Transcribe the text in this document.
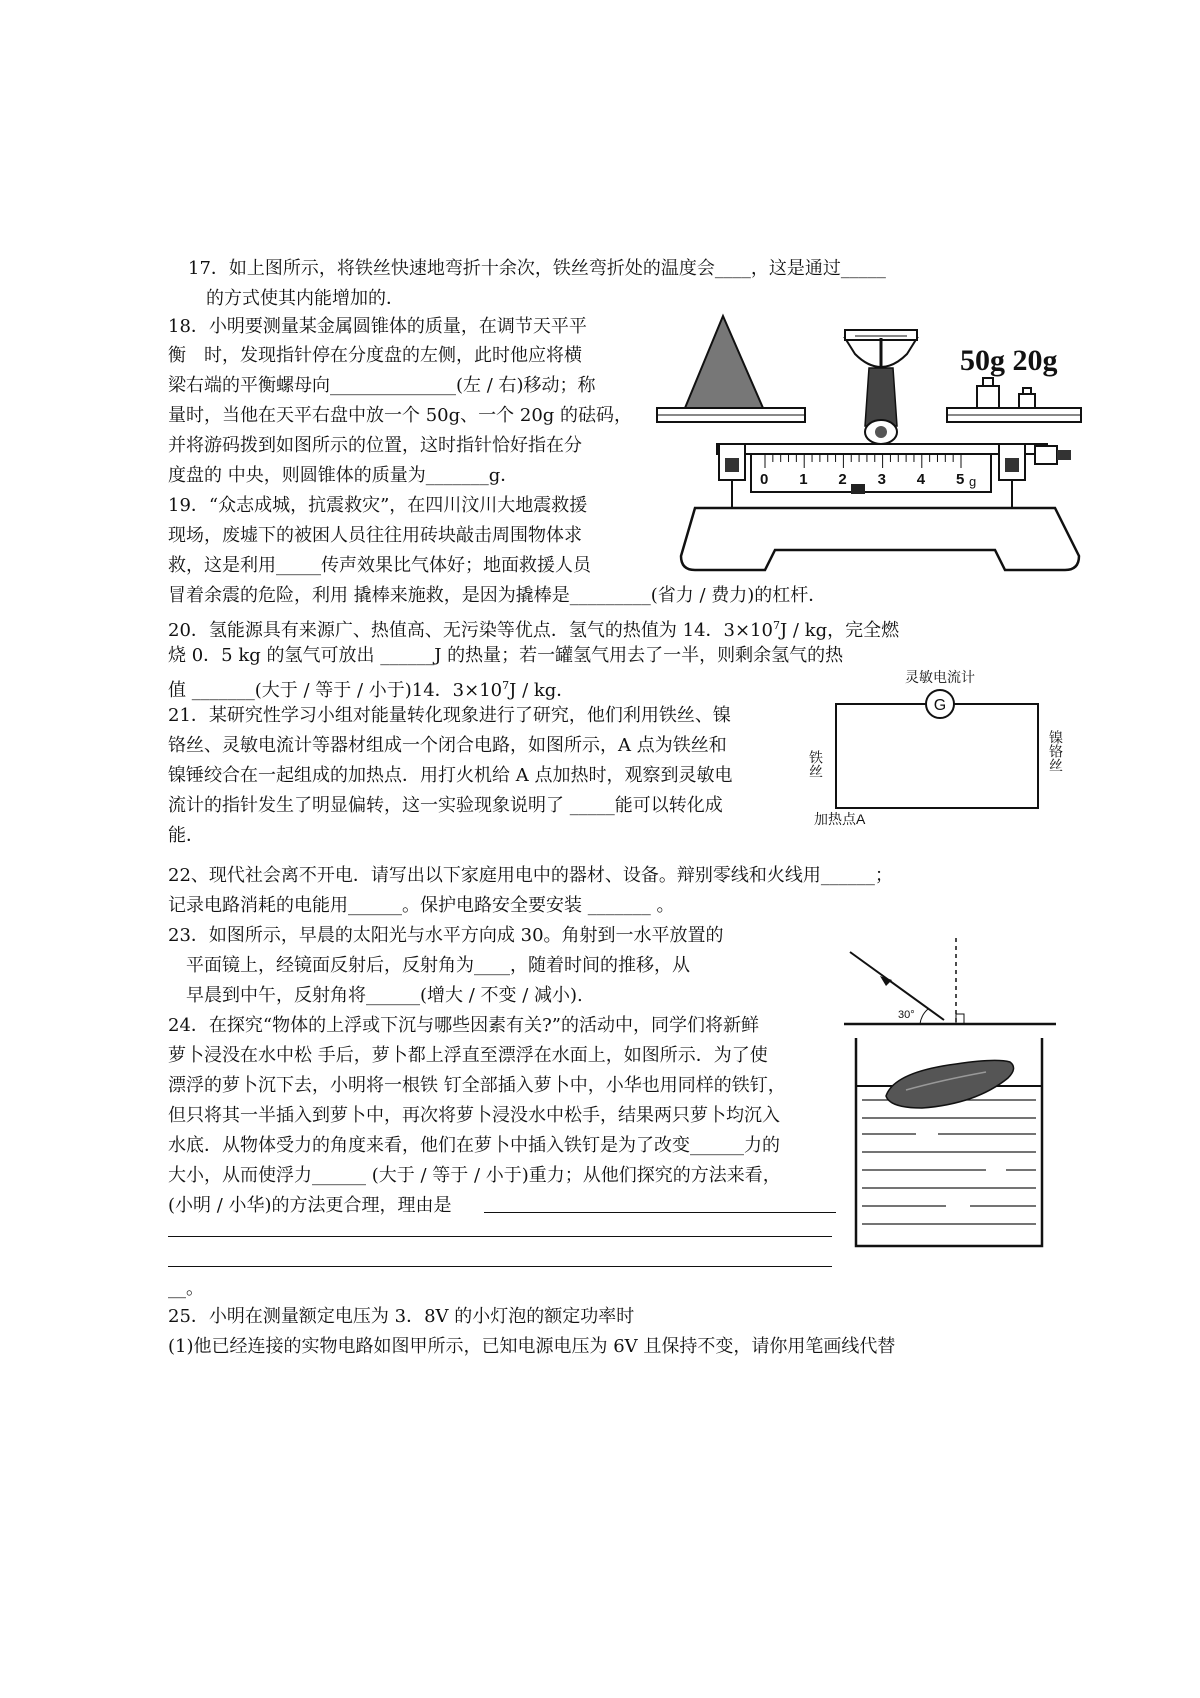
17．如上图所示，将铁丝快速地弯折十余次，铁丝弯折处的温度会____，这是通过_____
的方式使其内能增加的．
18．小明要测量某金属圆锥体的质量，在调节天平平
衡　时，发现指针停在分度盘的左侧，此时他应将横
梁右端的平衡螺母向______________(左 / 右)移动；称
量时，当他在天平右盘中放一个 50g、一个 20g 的砝码，
并将游码拨到如图所示的位置，这时指针恰好指在分
度盘的 中央，则圆锥体的质量为_______g．
50g 20g
0 1 2 3 4 5 g
19．“众志成城，抗震救灾”，在四川汶川大地震救援
现场，废墟下的被困人员往往用砖块敲击周围物体求
救，这是利用_____传声效果比气体好；地面救援人员
冒着余震的危险，利用 撬棒来施救，是因为撬棒是_________(省力 / 费力)的杠杆．
20．氢能源具有来源广、热值高、无污染等优点．氢气的热值为 14．$3\times 10^7J$ / kg，完全燃
烧 0．5 kg 的氢气可放出 ______J 的热量；若一罐氢气用去了一半，则剩余氢气的热
值 _______(大于 / 等于 / 小于)14．$3\times 10^7J$ / kg．
21．某研究性学习小组对能量转化现象进行了研究，他们利用铁丝、镍
铬丝、灵敏电流计等器材组成一个闭合电路，如图所示，A 点为铁丝和
镍锤绞合在一起组成的加热点．用打火机给 A 点加热时，观察到灵敏电
流计的指针发生了明显偏转，这一实验现象说明了 _____能可以转化成
能．
灵敏电流计
G
铁丝	镍铬丝
加热点A
22、现代社会离不开电．请写出以下家庭用电中的器材、设备。辩别零线和火线用______；
记录电路消耗的电能用______。保护电路安全要安装 _______ 。
23．如图所示，早晨的太阳光与水平方向成 30。角射到一水平放置的
平面镜上，经镜面反射后，反射角为____，随着时间的推移，从
早晨到中午，反射角将______(增大 / 不变 / 减小).
30°
24．在探究“物体的上浮或下沉与哪些因素有关?”的活动中，同学们将新鲜
萝卜浸没在水中松 手后，萝卜都上浮直至漂浮在水面上，如图所示．为了使
漂浮的萝卜沉下去，小明将一根铁 钉全部插入萝卜中，小华也用同样的铁钉，
但只将其一半插入到萝卜中，再次将萝卜浸没水中松手，结果两只萝卜均沉入
水底．从物体受力的角度来看，他们在萝卜中插入铁钉是为了改变______力的
大小，从而使浮力______ (大于 / 等于 / 小于)重力；从他们探究的方法来看，
(小明 / 小华)的方法更合理，理由是
__。
25．小明在测量额定电压为 3．8V 的小灯泡的额定功率时
(1)他已经连接的实物电路如图甲所示，已知电源电压为 6V 且保持不变，请你用笔画线代替
